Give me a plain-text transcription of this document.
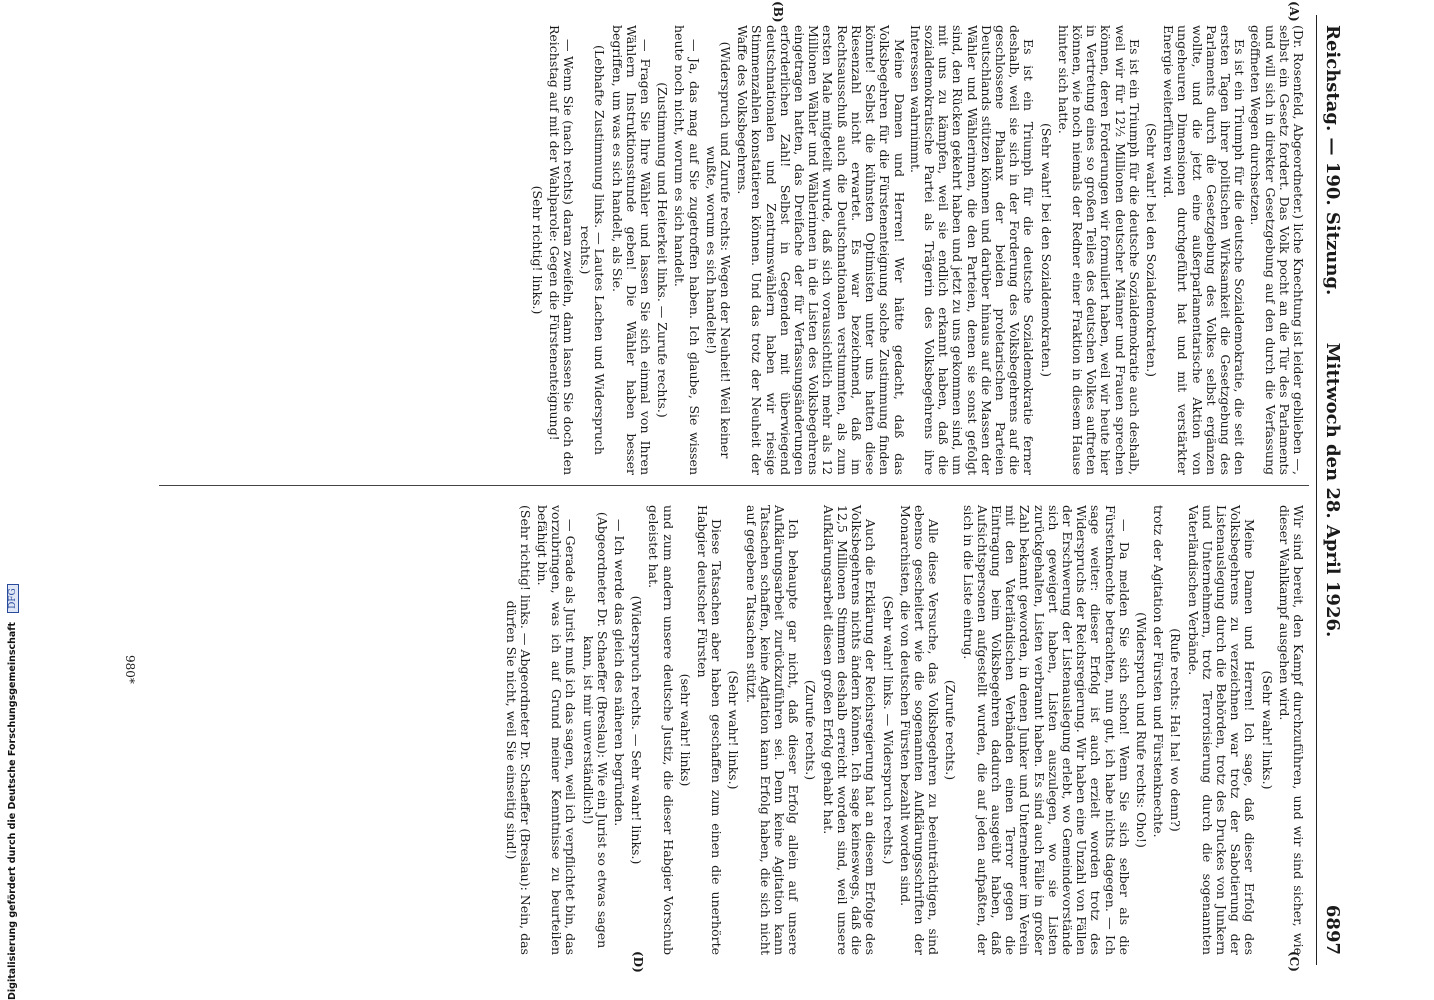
Reichstag. — 190. Sitzung.
Mittwoch den 28. April 1926.
6897
(A)
(B)
(C)
(D)

(Dr. Rosenfeld, Abgeordneter.) liche Knechtung ist leider geblieben —, selbst ein Gesetz fordert. Das Volk pocht an die Tür des Parlaments und will sich in direkter Gesetzgebung auf den durch die Verfassung geöffneten Wegen durchsetzen.

Es ist ein Triumph für die deutsche Sozialdemokratie, die seit den ersten Tagen ihrer politischen Wirksamkeit die Gesetzgebung des Parlaments durch die Gesetzgebung des Volkes selbst ergänzen wollte, und die jetzt eine außerparlamentarische Aktion von ungeheuren Dimensionen durchgeführt hat und mit verstärkter Energie weiterführen wird.

(Sehr wahr! bei den Sozialdemokraten.)

Es ist ein Triumph für die deutsche Sozialdemokratie auch deshalb, weil wir für 12½ Millionen deutscher Männer und Frauen sprechen können, deren Forderungen wir formuliert haben, weil wir heute hier in Vertretung eines so großen Teiles des deutschen Volkes auftreten können, wie noch niemals der Redner einer Fraktion in diesem Hause hinter sich hatte.

(Sehr wahr! bei den Sozialdemokraten.)

Es ist ein Triumph für die deutsche Sozialdemokratie ferner deshalb, weil sie sich in der Forderung des Volksbegehrens auf die geschlossene Phalanx der beiden proletarischen Parteien Deutschlands stützen können und darüber hinaus auf die Massen der Wähler und Wählerinnen, die den Parteien, denen sie sonst gefolgt sind, den Rücken gekehrt haben und jetzt zu uns gekommen sind, um mit uns zu kämpfen, weil sie endlich erkannt haben, daß die sozialdemokratische Partei als Trägerin des Volksbegehrens ihre Interessen wahrnimmt.

Meine Damen und Herren! Wer hätte gedacht, daß das Volksbegehren für die Fürstenenteignung solche Zustimmung finden könnte! Selbst die kühnsten Optimisten unter uns hatten diese Riesenzahl nicht erwartet. Es war bezeichnend, daß im Rechtsausschuß auch die Deutschnationalen verstummten, als zum ersten Male mitgeteilt wurde, daß sich voraussichtlich mehr als 12 Millionen Wähler und Wählerinnen in die Listen des Volksbegehrens eingetragen hatten, das Dreifache der für Verfassungsänderungen erforderlichen Zahl! Selbst in Gegenden mit überwiegend deutschnationalen und Zentrumswählern haben wir riesige Stimmenzahlen konstatieren können. Und das trotz der Neuheit der Waffe des Volksbegehrens.

(Widerspruch und Zurufe rechts: Wegen der Neuheit! Weil keiner wußte, worum es sich handelte!)

— Ja, das mag auf Sie zugetroffen haben. Ich glaube, Sie wissen heute noch nicht, worum es sich handelt.

(Zustimmung und Heiterkeit links. — Zurufe rechts.)

— Fragen Sie Ihre Wähler und lassen Sie sich einmal von Ihren Wählern Instruktionsstunde geben! Die Wähler haben besser begriffen, um was es sich handelt, als Sie.

(Lebhafte Zustimmung links. — Lautes Lachen und Widerspruch rechts.)

— Wenn Sie (nach rechts) daran zweifeln, dann lassen Sie doch den Reichstag auf mit der Wahlparole: Gegen die Fürstenenteignung!

(Sehr richtig! links.)

Wir sind bereit, den Kampf durchzuführen, und wir sind sicher, wie dieser Wahlkampf ausgehen wird.

(Sehr wahr! links.)

Meine Damen und Herren! Ich sage, daß dieser Erfolg des Volksbegehrens zu verzeichnen war trotz der Sabotierung der Listenauslegung durch die Behörden, trotz des Druckes von Junkern und Unternehmern, trotz Terrorisierung durch die sogenannten Vaterländischen Verbände.

(Rufe rechts: Ha! ha! wo denn?)

trotz der Agitation der Fürsten und Fürstenknechte.

(Widerspruch und Rufe rechts: Oho!)

— Da melden Sie sich schon! Wenn Sie sich selber als die Fürstenknechte betrachten, nun gut, ich habe nichts dagegen. — Ich sage weiter: dieser Erfolg ist auch erzielt worden trotz des Widerspruchs der Reichsregierung. Wir haben eine Unzahl von Fällen der Erschwerung der Listenauslegung erlebt, wo Gemeindevorstände sich geweigert haben, Listen auszulegen, wo sie Listen zurückgehalten, Listen verbrannt haben. Es sind auch Fälle in großer Zahl bekannt geworden, in denen Junker und Unternehmer im Verein mit den Vaterländischen Verbänden einen Terror gegen die Eintragung beim Volksbegehren dadurch ausgeübt haben, daß Aufsichtspersonen aufgestellt wurden, die auf jeden aufpaßten, der sich in die Liste eintrug.

(Zurufe rechts.)

Alle diese Versuche, das Volksbegehren zu beeinträchtigen, sind ebenso gescheitert wie die sogenannten Aufklärungsschriften der Monarchisten, die von deutschen Fürsten bezahlt worden sind.

(Sehr wahr! links. — Widerspruch rechts.)

Auch die Erklärung der Reichsregierung hat an diesem Erfolge des Volksbegehrens nichts ändern können. Ich sage keineswegs, daß die 12,5 Millionen Stimmen deshalb erreicht worden sind, weil unsere Aufklärungsarbeit diesen großen Erfolg gehabt hat.

(Zurufe rechts.)

Ich behaupte gar nicht, daß dieser Erfolg allein auf unsere Aufklärungsarbeit zurückzuführen sei. Denn keine Agitation kann Tatsachen schaffen, keine Agitation kann Erfolg haben, die sich nicht auf gegebene Tatsachen stützt.

(Sehr wahr! links.)

Diese Tatsachen aber haben geschaffen zum einen die unerhörte Habgier deutscher Fürsten

(sehr wahr! links)

und zum andern unsere deutsche Justiz, die dieser Habgier Vorschub geleistet hat.

(Widerspruch rechts. — Sehr wahr! links.)

— Ich werde das gleich des näheren begründen.

(Abgeordneter Dr. Schaeffer (Breslau): Wie ein Jurist so etwas sagen kann, ist mir unverständlich!)

— Gerade als Jurist muß ich das sagen, weil ich verpflichtet bin, das vorzubringen, was ich auf Grund meiner Kenntnisse zu beurteilen befähigt bin.

(Sehr richtig! links. — Abgeordneter Dr. Schaeffer (Breslau): Nein, das dürfen Sie nicht, weil Sie einseitig sind!)

980*
Digitalisierung gefördert durch die Deutsche Forschungsgemeinschaft DFG
